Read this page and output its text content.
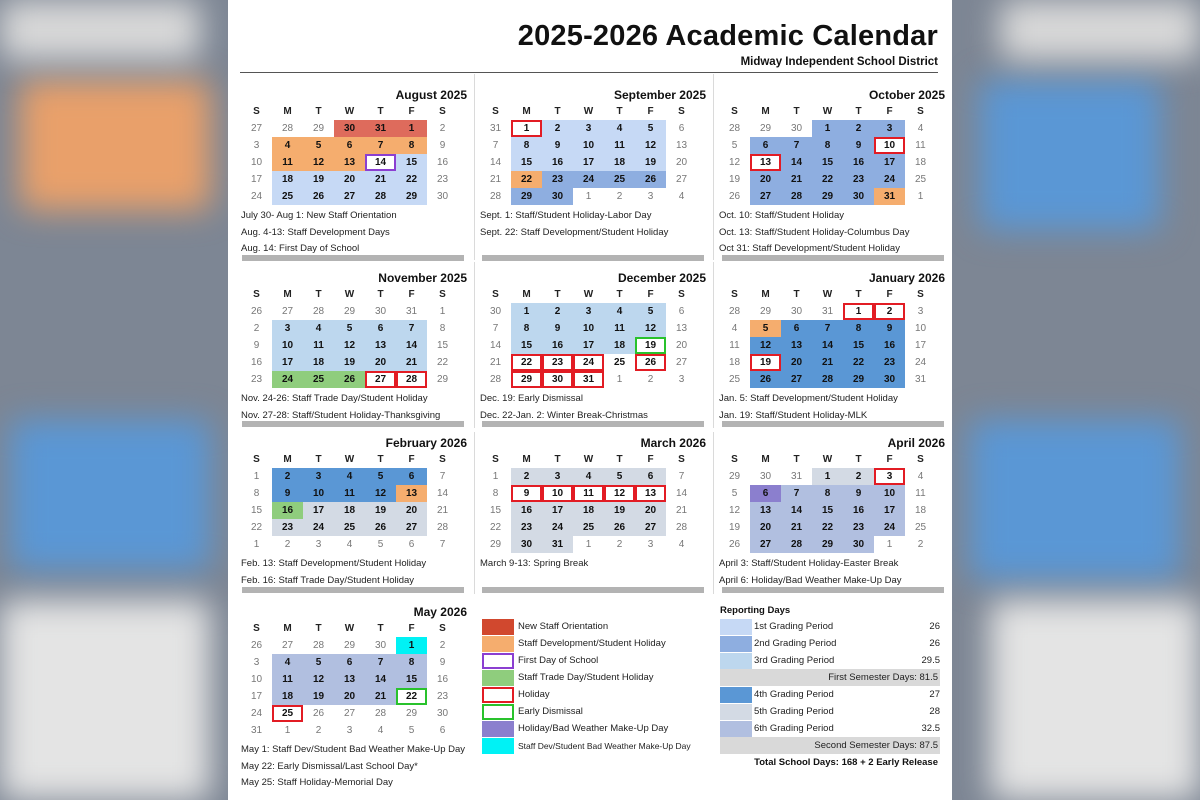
2025-2026 Academic Calendar
Midway Independent School District
August 2025
S	M	T	W	T	F	S
27	28	29	30	31	1	2
3	4	5	6	7	8	9
10	11	12	13	14	15	16
17	18	19	20	21	22	23
24	25	26	27	28	29	30
July 30- Aug 1: New Staff Orientation
Aug. 4-13: Staff Development Days
Aug. 14: First Day of School
September 2025
S	M	T	W	T	F	S
31	1	2	3	4	5	6
7	8	9	10	11	12	13
14	15	16	17	18	19	20
21	22	23	24	25	26	27
28	29	30	1	2	3	4
Sept. 1: Staff/Student Holiday-Labor Day
Sept. 22: Staff Development/Student Holiday
October 2025
S	M	T	W	T	F	S
28	29	30	1	2	3	4
5	6	7	8	9	10	11
12	13	14	15	16	17	18
19	20	21	22	23	24	25
26	27	28	29	30	31	1
Oct. 10: Staff/Student Holiday
Oct. 13: Staff/Student Holiday-Columbus Day
Oct 31: Staff Development/Student Holiday
November 2025
S	M	T	W	T	F	S
26	27	28	29	30	31	1
2	3	4	5	6	7	8
9	10	11	12	13	14	15
16	17	18	19	20	21	22
23	24	25	26	27	28	29
Nov. 24-26: Staff Trade Day/Student Holiday
Nov. 27-28: Staff/Student Holiday-Thanksgiving
December 2025
S	M	T	W	T	F	S
30	1	2	3	4	5	6
7	8	9	10	11	12	13
14	15	16	17	18	19	20
21	22	23	24	25	26	27
28	29	30	31	1	2	3
Dec. 19: Early Dismissal
Dec. 22-Jan. 2: Winter Break-Christmas
January 2026
S	M	T	W	T	F	S
28	29	30	31	1	2	3
4	5	6	7	8	9	10
11	12	13	14	15	16	17
18	19	20	21	22	23	24
25	26	27	28	29	30	31
Jan. 5: Staff Development/Student Holiday
Jan. 19: Staff/Student Holiday-MLK
February 2026
S	M	T	W	T	F	S
1	2	3	4	5	6	7
8	9	10	11	12	13	14
15	16	17	18	19	20	21
22	23	24	25	26	27	28
1	2	3	4	5	6	7
Feb. 13: Staff Development/Student Holiday
Feb. 16: Staff Trade Day/Student Holiday
March 2026
S	M	T	W	T	F	S
1	2	3	4	5	6	7
8	9	10	11	12	13	14
15	16	17	18	19	20	21
22	23	24	25	26	27	28
29	30	31	1	2	3	4
March 9-13: Spring Break
April 2026
S	M	T	W	T	F	S
29	30	31	1	2	3	4
5	6	7	8	9	10	11
12	13	14	15	16	17	18
19	20	21	22	23	24	25
26	27	28	29	30	1	2
April 3: Staff/Student Holiday-Easter Break
April 6: Holiday/Bad Weather Make-Up Day
May 2026
S	M	T	W	T	F	S
26	27	28	29	30	1	2
3	4	5	6	7	8	9
10	11	12	13	14	15	16
17	18	19	20	21	22	23
24	25	26	27	28	29	30
31	1	2	3	4	5	6
May 1: Staff Dev/Student Bad Weather Make-Up Day
May 22: Early Dismissal/Last School Day*
May 25: Staff Holiday-Memorial Day
New Staff Orientation
Staff Development/Student Holiday
First Day of School
Staff Trade Day/Student Holiday
Holiday
Early Dismissal
Holiday/Bad Weather Make-Up Day
Staff Dev/Student Bad Weather Make-Up Day
Reporting Days
1st Grading Period	26
2nd Grading Period	26
3rd Grading Period	29.5
First Semester Days: 81.5
4th Grading Period	27
5th Grading Period	28
6th Grading Period	32.5
Second Semester Days: 87.5
Total School Days: 168 + 2 Early Release
